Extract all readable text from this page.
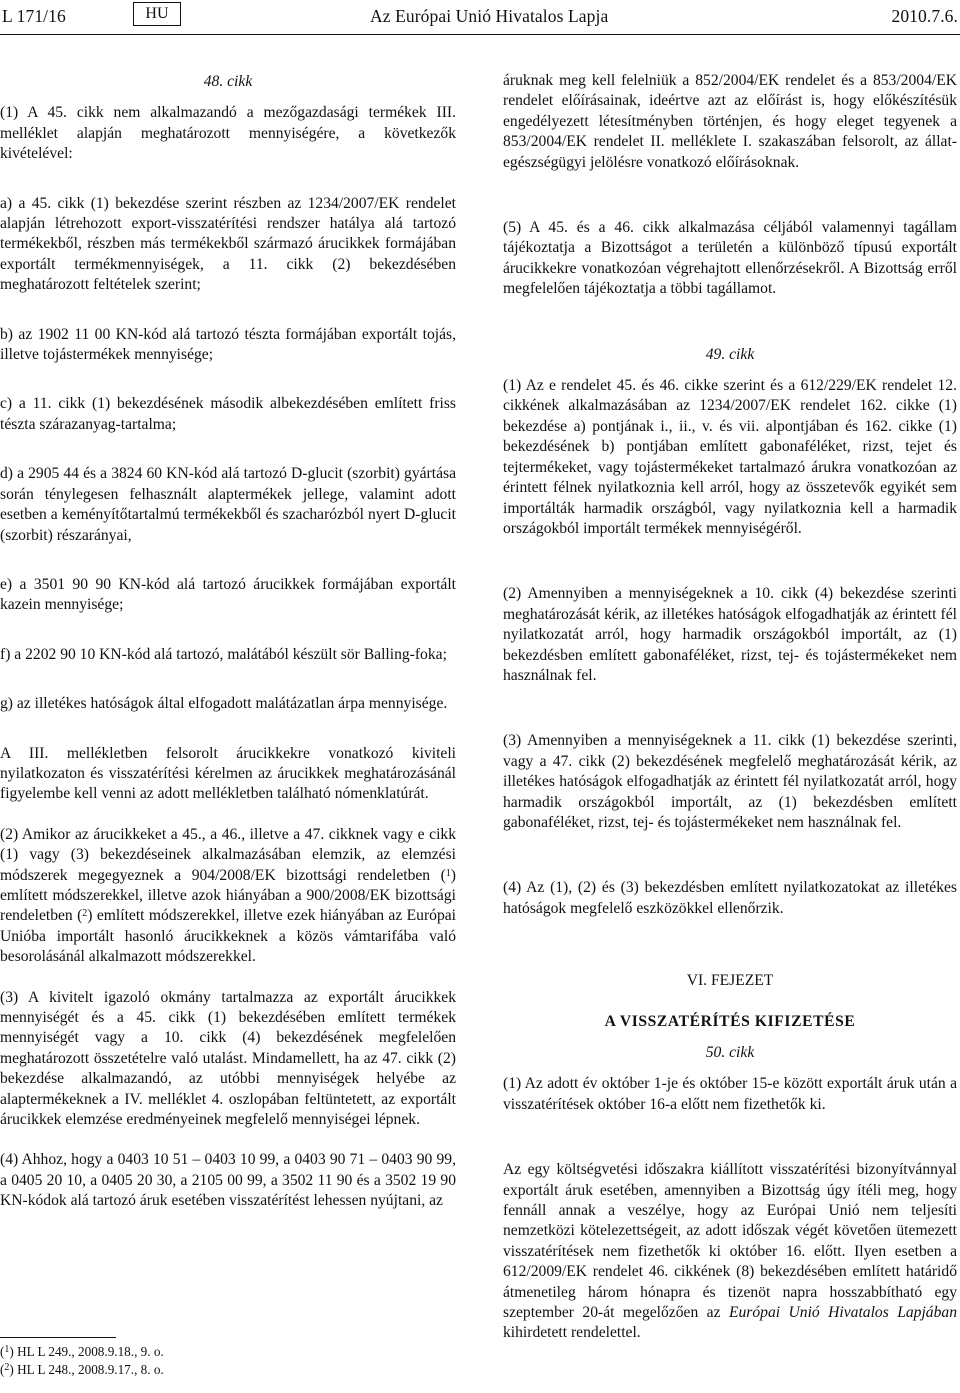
L 171/16	HU	Az Európai Unió Hivatalos Lapja	2010.7.6.

48. cikk

(1) A 45. cikk nem alkalmazandó a mezőgazdasági termékek III. melléklet alapján meghatározott mennyiségére, a következők kivételével:

a) a 45. cikk (1) bekezdése szerint részben az 1234/2007/EK rendelet alapján létrehozott export-visszatérítési rendszer hatálya alá tartozó termékekből, részben más termékekből származó árucikkek formájában exportált termékmennyiségek, a 11. cikk (2) bekezdésében meghatározott feltételek szerint;

b) az 1902 11 00 KN-kód alá tartozó tészta formájában exportált tojás, illetve tojástermékek mennyisége;

c) a 11. cikk (1) bekezdésének második albekezdésében említett friss tészta szárazanyag-tartalma;

d) a 2905 44 és a 3824 60 KN-kód alá tartozó D-glucit (szorbit) gyártása során ténylegesen felhasznált alaptermékek jellege, valamint adott esetben a keményítőtartalmú termékekből és szacharózból nyert D-glucit (szorbit) részarányai,

e) a 3501 90 90 KN-kód alá tartozó árucikkek formájában exportált kazein mennyisége;

f) a 2202 90 10 KN-kód alá tartozó, malátából készült sör Balling-foka;

g) az illetékes hatóságok által elfogadott malátázatlan árpa mennyisége.

A III. mellékletben felsorolt árucikkekre vonatkozó kiviteli nyilatkozaton és visszatérítési kérelmen az árucikkek meghatározásánál figyelembe kell venni az adott mellékletben található nómenklatúrát.

(2) Amikor az árucikkeket a 45., a 46., illetve a 47. cikknek vagy e cikk (1) vagy (3) bekezdéseinek alkalmazásában elemzik, az elemzési módszerek megegyeznek a 904/2008/EK bizottsági rendeletben ($^1$) említett módszerekkel, illetve azok hiányában a 900/2008/EK bizottsági rendeletben ($^2$) említett módszerekkel, illetve ezek hiányában az Európai Unióba importált hasonló árucikkeknek a közös vámtarifába való besorolásánál alkalmazott módszerekkel.

(3) A kivitelt igazoló okmány tartalmazza az exportált árucikkek mennyiségét és a 45. cikk (1) bekezdésében említett termékek mennyiségét vagy a 10. cikk (4) bekezdésének megfelelően meghatározott összetételre való utalást. Mindamellett, ha az 47. cikk (2) bekezdése alkalmazandó, az utóbbi mennyiségek helyébe az alaptermékeknek a IV. melléklet 4. oszlopában feltüntetett, az exportált árucikkek elemzése eredményeinek megfelelő mennyiségei lépnek.

(4) Ahhoz, hogy a 0403 10 51 – 0403 10 99, a 0403 90 71 – 0403 90 99, a 0405 20 10, a 0405 20 30, a 2105 00 99, a 3502 11 90 és a 3502 19 90 KN-kódok alá tartozó áruk esetében visszatérítést lehessen nyújtani, az

($^1$) HL L 249., 2008.9.18., 9. o.
($^2$) HL L 248., 2008.9.17., 8. o.

áruknak meg kell felelniük a 852/2004/EK rendelet és a 853/2004/EK rendelet előírásainak, ideértve azt az előírást is, hogy előkészítésük engedélyezett létesítményben történjen, és hogy eleget tegyenek a 853/2004/EK rendelet II. melléklete I. szakaszában felsorolt, az állat-egészségügyi jelölésre vonatkozó előírásoknak.

(5) A 45. és a 46. cikk alkalmazása céljából valamennyi tagállam tájékoztatja a Bizottságot a területén a különböző típusú exportált árucikkekre vonatkozóan végrehajtott ellenőrzésekről. A Bizottság erről megfelelően tájékoztatja a többi tagállamot.

49. cikk

(1) Az e rendelet 45. és 46. cikke szerint és a 612/229/EK rendelet 12. cikkének alkalmazásában az 1234/2007/EK rendelet 162. cikke (1) bekezdése a) pontjának i., ii., v. és vii. alpontjában és 162. cikke (1) bekezdésének b) pontjában említett gabonaféléket, rizst, tejet és tejtermékeket, vagy tojástermékeket tartalmazó árukra vonatkozóan az érintett félnek nyilatkoznia kell arról, hogy az összetevők egyikét sem importálták harmadik országból, vagy nyilatkoznia kell a harmadik országokból importált termékek mennyiségéről.

(2) Amennyiben a mennyiségeknek a 10. cikk (4) bekezdése szerinti meghatározását kérik, az illetékes hatóságok elfogadhatják az érintett fél nyilatkozatát arról, hogy harmadik országokból importált, az (1) bekezdésben említett gabonaféléket, rizst, tej- és tojástermékeket nem használnak fel.

(3) Amennyiben a mennyiségeknek a 11. cikk (1) bekezdése szerinti, vagy a 47. cikk (2) bekezdésének megfelelő meghatározását kérik, az illetékes hatóságok elfogadhatják az érintett fél nyilatkozatát arról, hogy harmadik országokból importált, az (1) bekezdésben említett gabonaféléket, rizst, tej- és tojástermékeket nem használnak fel.

(4) Az (1), (2) és (3) bekezdésben említett nyilatkozatokat az illetékes hatóságok megfelelő eszközökkel ellenőrzik.

VI. FEJEZET

A VISSZATÉRÍTÉS KIFIZETÉSE

50. cikk

(1) Az adott év október 1-je és október 15-e között exportált áruk után a visszatérítések október 16-a előtt nem fizethetők ki.

Az egy költségvetési időszakra kiállított visszatérítési bizonyítvánnyal exportált áruk esetében, amennyiben a Bizottság úgy ítéli meg, hogy fennáll annak a veszélye, hogy az Európai Unió nem teljesíti nemzetközi kötelezettségeit, az adott időszak végét követően ütemezett visszatérítések nem fizethetők ki október 16. előtt. Ilyen esetben a 612/2009/EK rendelet 46. cikkének (8) bekezdésében említett határidő átmenetileg három hónapra és tizenöt napra hosszabbítható egy szeptember 20-át megelőzően az Európai Unió Hivatalos Lapjában kihirdetett rendelettel.
